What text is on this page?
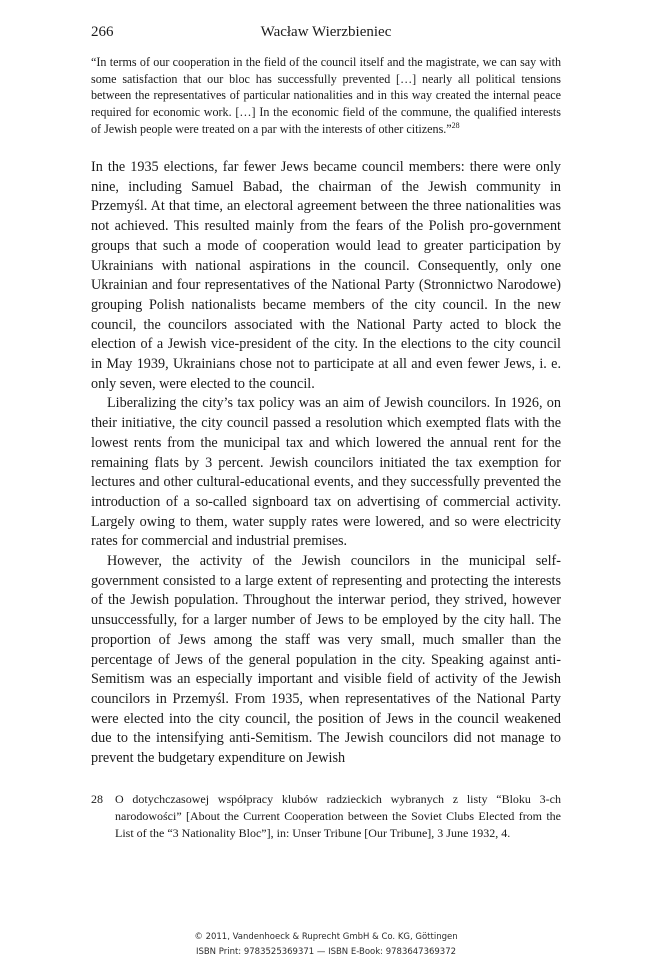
266	Wacław Wierzbieniec

“In terms of our cooperation in the field of the council itself and the magistrate, we can say with some satisfaction that our bloc has successfully prevented […] nearly all political tensions between the representatives of particular nationalities and in this way created the internal peace required for economic work. […] In the economic field of the commune, the qualified interests of Jewish people were treated on a par with the interests of other citizens.”$^{28}$

In the 1935 elections, far fewer Jews became council members: there were only nine, including Samuel Babad, the chairman of the Jewish community in Przemyśl. At that time, an electoral agreement between the three nationalities was not achieved. This resulted mainly from the fears of the Polish pro-government groups that such a mode of cooperation would lead to greater participation by Ukrainians with national aspirations in the council. Consequently, only one Ukrainian and four representatives of the National Party (Stronnictwo Narodowe) grouping Polish nationalists became members of the city council. In the new council, the councilors associated with the National Party acted to block the election of a Jewish vice-president of the city. In the elections to the city council in May 1939, Ukrainians chose not to participate at all and even fewer Jews, i. e. only seven, were elected to the council.

Liberalizing the city’s tax policy was an aim of Jewish councilors. In 1926, on their initiative, the city council passed a resolution which exempted flats with the lowest rents from the municipal tax and which lowered the annual rent for the remaining flats by 3 percent. Jewish councilors initiated the tax exemption for lectures and other cultural-educational events, and they successfully prevented the introduction of a so-called signboard tax on advertising of commercial activity. Largely owing to them, water supply rates were lowered, and so were electricity rates for commercial and industrial premises.

However, the activity of the Jewish councilors in the municipal self-government consisted to a large extent of representing and protecting the interests of the Jewish population. Throughout the interwar period, they strived, however unsuccessfully, for a larger number of Jews to be employed by the city hall. The proportion of Jews among the staff was very small, much smaller than the percentage of Jews of the general population in the city. Speaking against anti-Semitism was an especially important and visible field of activity of the Jewish councilors in Przemyśl. From 1935, when representatives of the National Party were elected into the city council, the position of Jews in the council weakened due to the intensifying anti-Semitism. The Jewish councilors did not manage to prevent the budgetary expenditure on Jewish

28	O dotychczasowej współpracy klubów radzieckich wybranych z listy “Bloku 3-ch narodowości” [About the Current Cooperation between the Soviet Clubs Elected from the List of the “3 Nationality Bloc”], in: Unser Tribune [Our Tribune], 3 June 1932, 4.
© 2011, Vandenhoeck & Ruprecht GmbH & Co. KG, Göttingen
ISBN Print: 9783525369371 — ISBN E-Book: 9783647369372
